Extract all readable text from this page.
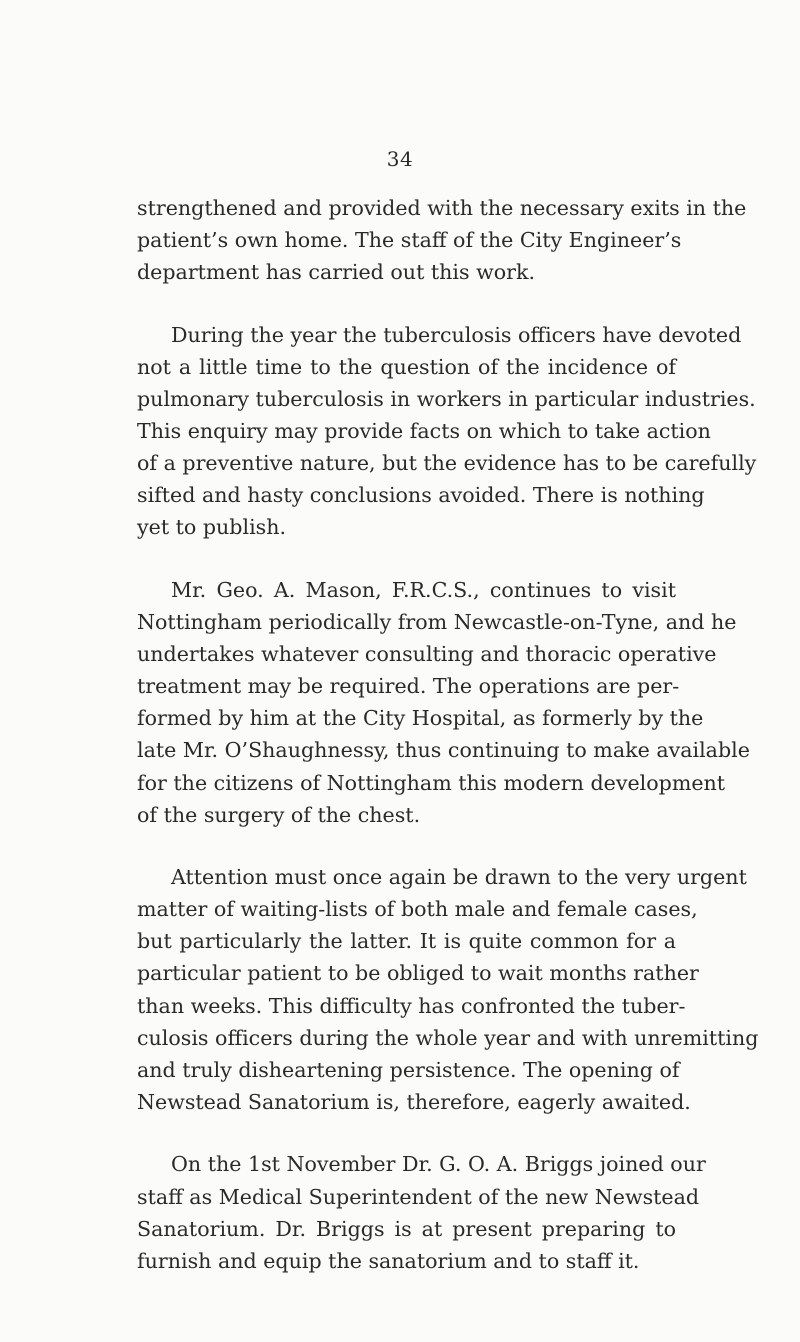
34

strengthened and provided with the necessary exits in the
patient’s own home. The staff of the City Engineer’s
department has carried out this work.

During the year the tuberculosis officers have devoted
not a little time to the question of the incidence of
pulmonary tuberculosis in workers in particular industries.
This enquiry may provide facts on which to take action
of a preventive nature, but the evidence has to be carefully
sifted and hasty conclusions avoided. There is nothing
yet to publish.

Mr. Geo. A. Mason, F.R.C.S., continues to visit
Nottingham periodically from Newcastle-on-Tyne, and he
undertakes whatever consulting and thoracic operative
treatment may be required. The operations are per-
formed by him at the City Hospital, as formerly by the
late Mr. O’Shaughnessy, thus continuing to make available
for the citizens of Nottingham this modern development
of the surgery of the chest.

Attention must once again be drawn to the very urgent
matter of waiting-lists of both male and female cases,
but particularly the latter. It is quite common for a
particular patient to be obliged to wait months rather
than weeks. This difficulty has confronted the tuber-
culosis officers during the whole year and with unremitting
and truly disheartening persistence. The opening of
Newstead Sanatorium is, therefore, eagerly awaited.

On the 1st November Dr. G. O. A. Briggs joined our
staff as Medical Superintendent of the new Newstead
Sanatorium. Dr. Briggs is at present preparing to
furnish and equip the sanatorium and to staff it.
